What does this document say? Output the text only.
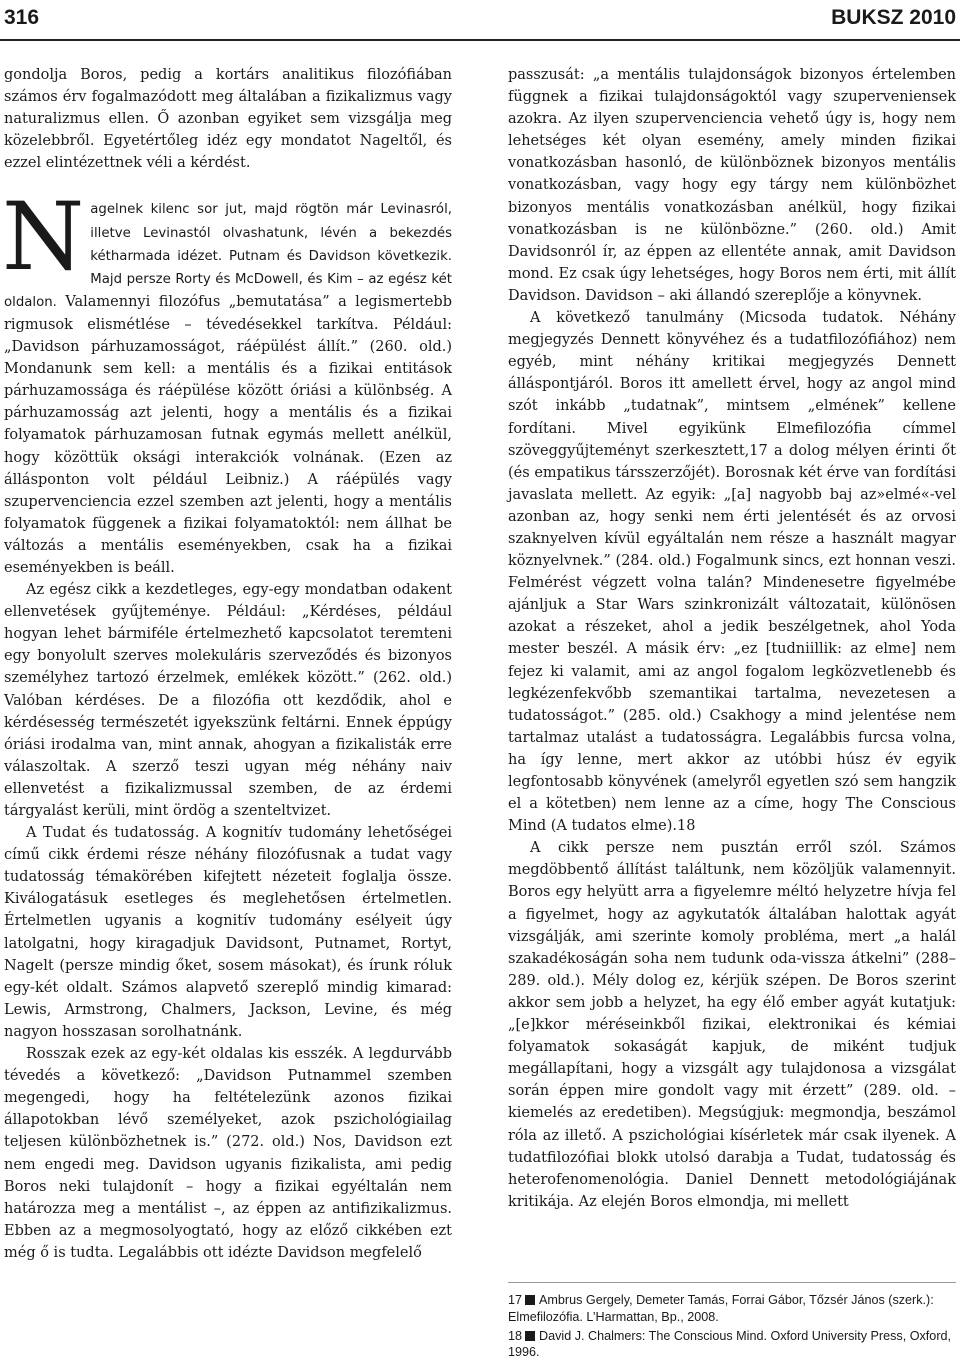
316	BUKSZ 2010

gondolja Boros, pedig a kortárs analitikus filozófiában számos érv fogalmazódott meg általában a fizikalizmus vagy naturalizmus ellen. Ő azonban egyiket sem vizsgálja meg közelebbről. Egyetértőleg idéz egy mondatot Nageltől, és ezzel elintézettnek véli a kérdést.

Nagelnek kilenc sor jut, majd rögtön már Levinasról, illetve Levinastól olvashatunk, lévén a bekezdés kétharmada idézet. Putnam és Davidson következik. Majd persze Rorty és McDowell, és Kim – az egész két oldalon. Valamennyi filozófus „bemutatása” a legismertebb rigmusok elismétlése – tévedésekkel tarkítva. Például: „Davidson párhuzamosságot, ráépülést állít.” (260. old.) Mondanunk sem kell: a mentális és a fizikai entitások párhuzamossága és ráépülése között óriási a különbség. A párhuzamosság azt jelenti, hogy a mentális és a fizikai folyamatok párhuzamosan futnak egymás mellett anélkül, hogy közöttük oksági interakciók volnának. (Ezen az állásponton volt például Leibniz.) A ráépülés vagy szupervenciencia ezzel szemben azt jelenti, hogy a mentális folyamatok függenek a fizikai folyamatoktól: nem állhat be változás a mentális eseményekben, csak ha a fizikai eseményekben is beáll.

Az egész cikk a kezdetleges, egy-egy mondatban odakent ellenvetések gyűjteménye. Például: „Kérdéses, például hogyan lehet bármiféle értelmezhető kapcsolatot teremteni egy bonyolult szerves molekuláris szerveződés és bizonyos személyhez tartozó érzelmek, emlékek között.” (262. old.) Valóban kérdéses. De a filozófia ott kezdődik, ahol e kérdésesség természetét igyekszünk feltárni. Ennek éppúgy óriási irodalma van, mint annak, ahogyan a fizikalisták erre válaszoltak. A szerző teszi ugyan még néhány naiv ellenvetést a fizikalizmussal szemben, de az érdemi tárgyalást kerüli, mint ördög a szenteltvizet.

A Tudat és tudatosság. A kognitív tudomány lehetőségei című cikk érdemi része néhány filozófusnak a tudat vagy tudatosság témakörében kifejtett nézeteit foglalja össze. Kiválogatásuk esetleges és meglehetősen értelmetlen. Értelmetlen ugyanis a kognitív tudomány esélyeit úgy latolgatni, hogy kiragadjuk Davidsont, Putnamet, Rortyt, Nagelt (persze mindig őket, sosem másokat), és írunk róluk egy-két oldalt. Számos alapvető szereplő mindig kimarad: Lewis, Armstrong, Chalmers, Jackson, Levine, és még nagyon hosszasan sorolhatnánk.

Rosszak ezek az egy-két oldalas kis esszék. A legdurvább tévedés a következő: „Davidson Putnammel szemben megengedi, hogy ha feltételezünk azonos fizikai állapotokban lévő személyeket, azok pszichológiailag teljesen különbözhetnek is.” (272. old.) Nos, Davidson ezt nem engedi meg. Davidson ugyanis fizikalista, ami pedig Boros neki tulajdonít – hogy a fizikai egyéltalán nem határozza meg a mentálist –, az éppen az antifizikalizmus. Ebben az a megmosolyogtató, hogy az előző cikkében ezt még ő is tudta. Legalábbis ott idézte Davidson megfelelő

passzusát: „a mentális tulajdonságok bizonyos értelemben függnek a fizikai tulajdonságoktól vagy szuperveniensek azokra. Az ilyen szupervenciencia vehető úgy is, hogy nem lehetséges két olyan esemény, amely minden fizikai vonatkozásban hasonló, de különböznek bizonyos mentális vonatkozásban, vagy hogy egy tárgy nem különbözhet bizonyos mentális vonatkozásban anélkül, hogy fizikai vonatkozásban is ne különbözne.” (260. old.) Amit Davidsonról ír, az éppen az ellentéte annak, amit Davidson mond. Ez csak úgy lehetséges, hogy Boros nem érti, mit állít Davidson. Davidson – aki állandó szereplője a könyvnek.

A következő tanulmány (Micsoda tudatok. Néhány megjegyzés Dennett könyvéhez és a tudatfilozófiához) nem egyéb, mint néhány kritikai megjegyzés Dennett álláspontjáról. Boros itt amellett érvel, hogy az angol mind szót inkább „tudatnak”, mintsem „elmének” kellene fordítani. Mivel egyikünk Elmefilozófia címmel szöveggyűjteményt szerkesztett,17 a dolog mélyen érinti őt (és empatikus társszerzőjét). Borosnak két érve van fordítási javaslata mellett. Az egyik: „[a] nagyobb baj az»elmé«-vel azonban az, hogy senki nem érti jelentését és az orvosi szaknyelven kívül egyáltalán nem része a használt magyar köznyelvnek.” (284. old.) Fogalmunk sincs, ezt honnan veszi. Felmérést végzett volna talán? Mindenesetre figyelmébe ajánljuk a Star Wars szinkronizált változatait, különösen azokat a részeket, ahol a jedik beszélgetnek, ahol Yoda mester beszél. A másik érv: „ez [tudniillik: az elme] nem fejez ki valamit, ami az angol fogalom legközvetlenebb és legkézenfekvőbb szemantikai tartalma, nevezetesen a tudatosságot.” (285. old.) Csakhogy a mind jelentése nem tartalmaz utalást a tudatosságra. Legalábbis furcsa volna, ha így lenne, mert akkor az utóbbi húsz év egyik legfontosabb könyvének (amelyről egyetlen szó sem hangzik el a kötetben) nem lenne az a címe, hogy The Conscious Mind (A tudatos elme).18

A cikk persze nem pusztán erről szól. Számos megdöbbentő állítást találtunk, nem közöljük valamennyit. Boros egy helyütt arra a figyelemre méltó helyzetre hívja fel a figyelmet, hogy az agykutatók általában halottak agyát vizsgálják, ami szerinte komoly probléma, mert „a halál szakadékoságán soha nem tudunk oda-vissza átkelni” (288–289. old.). Mély dolog ez, kérjük szépen. De Boros szerint akkor sem jobb a helyzet, ha egy élő ember agyát kutatjuk: „[e]kkor méréseinkből fizikai, elektronikai és kémiai folyamatok sokaságát kapjuk, de miként tudjuk megállapítani, hogy a vizsgált agy tulajdonosa a vizsgálat során éppen mire gondolt vagy mit érzett” (289. old. – kiemelés az eredetiben). Megsúgjuk: megmondja, beszámol róla az illető. A pszichológiai kísérletek már csak ilyenek. A tudatfilozófiai blokk utolsó darabja a Tudat, tudatosság és heterofenomenológia. Daniel Dennett metodológiájának kritikája. Az elején Boros elmondja, mi mellett

17 Ambrus Gergely, Demeter Tamás, Forrai Gábor, Tőzsér János (szerk.): Elmefilozófia. L’Harmattan, Bp., 2008.
18 David J. Chalmers: The Conscious Mind. Oxford University Press, Oxford, 1996.
